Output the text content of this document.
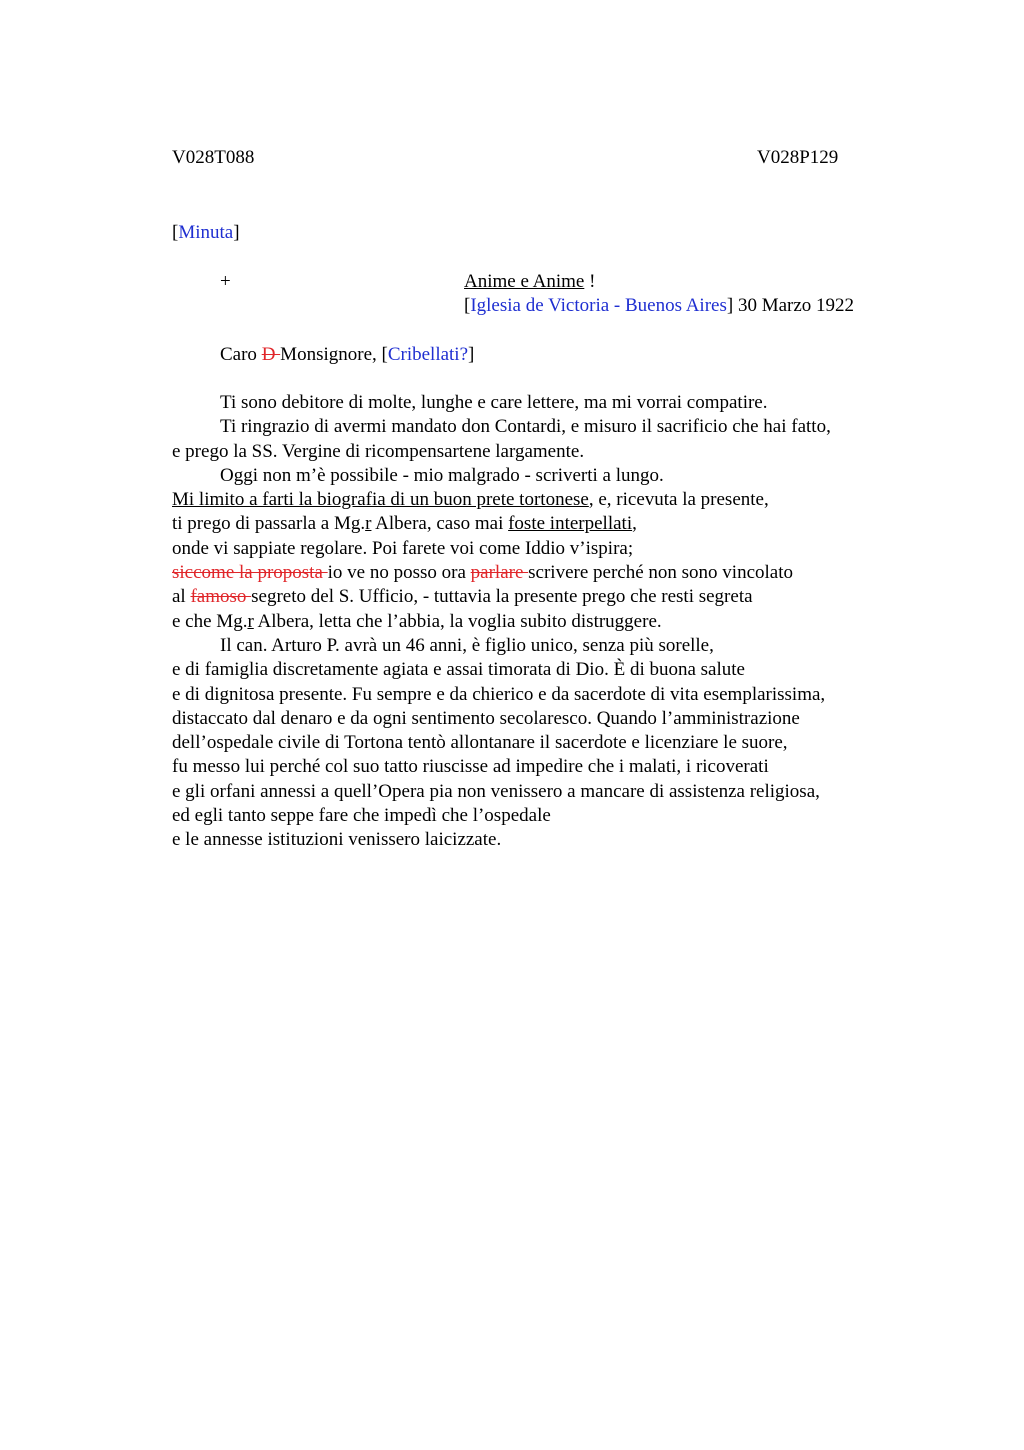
V028T088	V028P129
[Minuta]
+	Anime e Anime !
[Iglesia de Victoria - Buenos Aires] 30 Marzo 1922
Caro D Monsignore, [Cribellati?]
Ti sono debitore di molte, lunghe e care lettere, ma mi vorrai compatire.
Ti ringrazio di avermi mandato don Contardi, e misuro il sacrificio che hai fatto,
e prego la SS. Vergine di ricompensartene largamente.
Oggi non m’è possibile - mio malgrado - scriverti a lungo.
Mi limito a farti la biografia di un buon prete tortonese, e, ricevuta la presente,
ti prego di passarla a Mg.r Albera, caso mai foste interpellati,
onde vi sappiate regolare. Poi farete voi come Iddio v’ispira;
siccome la proposta io ve no posso ora parlare scrivere perché non sono vincolato
al famoso segreto del S. Ufficio, - tuttavia la presente prego che resti segreta
e che Mg.r Albera, letta che l’abbia, la voglia subito distruggere.
Il can. Arturo P. avrà un 46 anni, è figlio unico, senza più sorelle,
e di famiglia discretamente agiata e assai timorata di Dio. È di buona salute
e di dignitosa presente. Fu sempre e da chierico e da sacerdote di vita esemplarissima,
distaccato dal denaro e da ogni sentimento secolaresco. Quando l’amministrazione
dell’ospedale civile di Tortona tentò allontanare il sacerdote e licenziare le suore,
fu messo lui perché col suo tatto riuscisse ad impedire che i malati, i ricoverati
e gli orfani annessi a quell’Opera pia non venissero a mancare di assistenza religiosa,
ed egli tanto seppe fare che impedì che l’ospedale
e le annesse istituzioni venissero laicizzate.
